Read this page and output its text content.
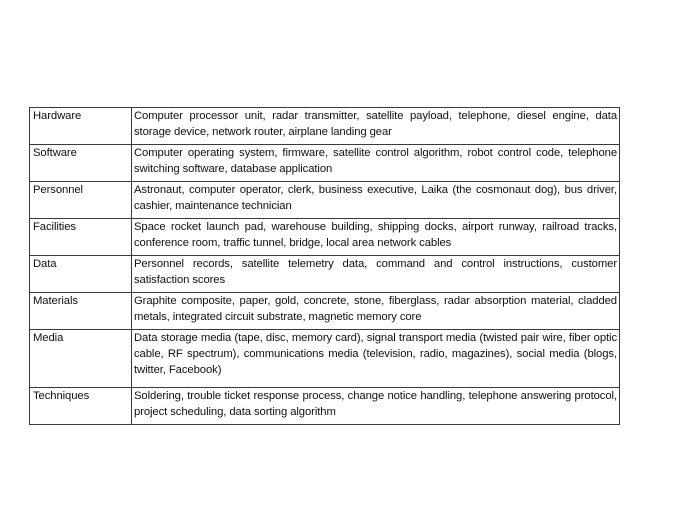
Hardware	Computer processor unit, radar transmitter, satellite payload, telephone, diesel engine, data storage device, network router, airplane landing gear
Software	Computer operating system, firmware, satellite control algorithm, robot control code, telephone switching software, database application
Personnel	Astronaut, computer operator, clerk, business executive, Laika (the cosmonaut dog), bus driver, cashier, maintenance technician
Facilities	Space rocket launch pad, warehouse building, shipping docks, airport runway, railroad tracks, conference room, traffic tunnel, bridge, local area network cables
Data	Personnel records, satellite telemetry data, command and control instructions, customer satisfaction scores
Materials	Graphite composite, paper, gold, concrete, stone, fiberglass, radar absorption material, cladded metals, integrated circuit substrate, magnetic memory core
Media	Data storage media (tape, disc, memory card), signal transport media (twisted pair wire, fiber optic cable, RF spectrum), communications media (television, radio, magazines), social media (blogs, twitter, Facebook)
Techniques	Soldering, trouble ticket response process, change notice handling, telephone answering protocol, project scheduling, data sorting algorithm
